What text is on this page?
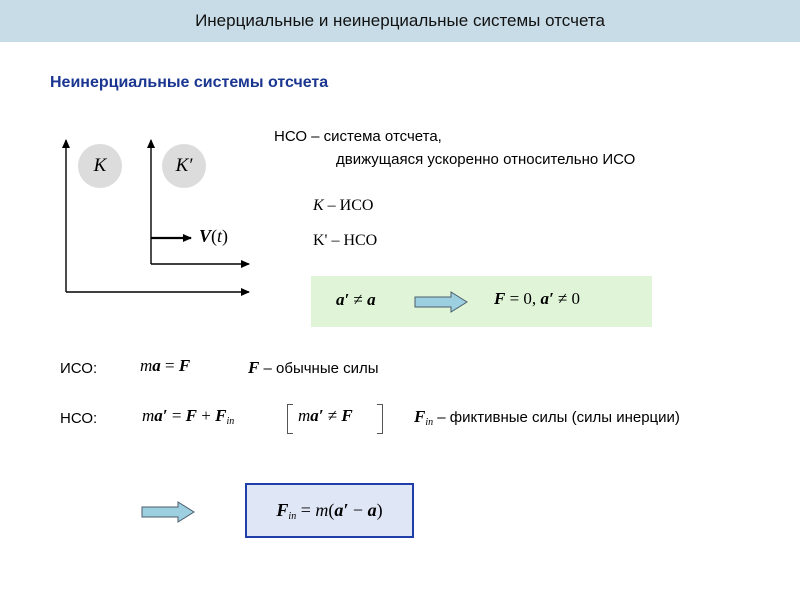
Инерциальные и неинерциальные системы отсчета
Неинерциальные системы отсчета
K	K′
V(t)
НСО – система отсчета,
движущаяся ускоренно относительно ИСО
K – ИСО
K' – НСО
a′ ≠ a	F = 0, a′ ≠ 0
ИСО:	ma = F	F – обычные силы
НСО:	$ma' = F + F_{in}$	ma′ ≠ F	$F_{in}$ – фиктивные силы (силы инерции)
$F_{in} = m(a' - a)$
